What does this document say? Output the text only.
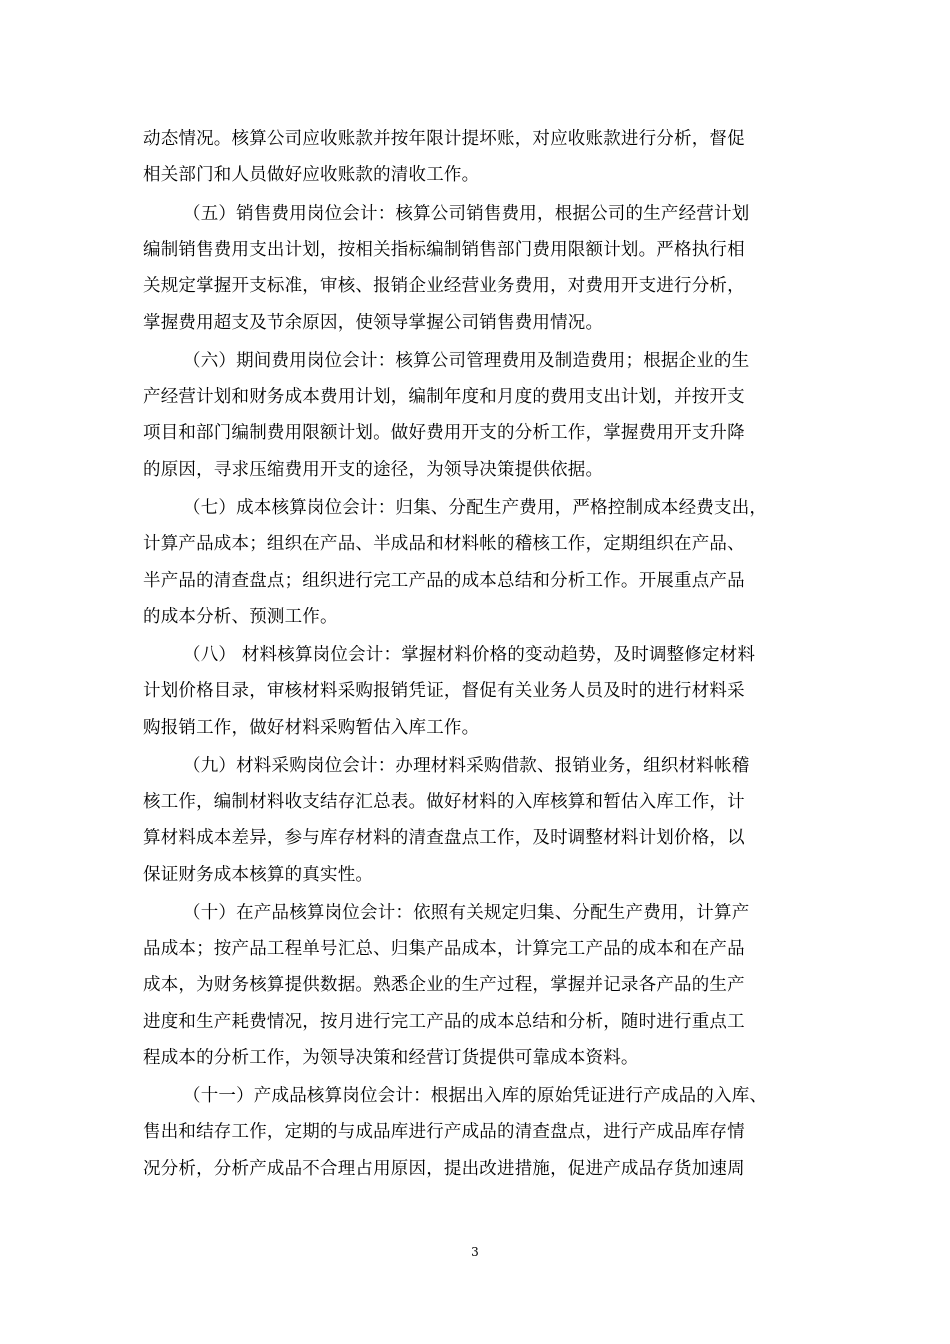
动态情况。核算公司应收账款并按年限计提坏账，对应收账款进行分析，督促
相关部门和人员做好应收账款的清收工作。
（五）销售费用岗位会计：核算公司销售费用，根据公司的生产经营计划
编制销售费用支出计划，按相关指标编制销售部门费用限额计划。严格执行相
关规定掌握开支标准，审核、报销企业经营业务费用，对费用开支进行分析，
掌握费用超支及节余原因，使领导掌握公司销售费用情况。
（六）期间费用岗位会计：核算公司管理费用及制造费用；根据企业的生
产经营计划和财务成本费用计划，编制年度和月度的费用支出计划，并按开支
项目和部门编制费用限额计划。做好费用开支的分析工作，掌握费用开支升降
的原因，寻求压缩费用开支的途径，为领导决策提供依据。
（七）成本核算岗位会计：归集、分配生产费用，严格控制成本经费支出，
计算产品成本；组织在产品、半成品和材料帐的稽核工作，定期组织在产品、
半产品的清查盘点；组织进行完工产品的成本总结和分析工作。开展重点产品
的成本分析、预测工作。
（八） 材料核算岗位会计：掌握材料价格的变动趋势，及时调整修定材料
计划价格目录，审核材料采购报销凭证，督促有关业务人员及时的进行材料采
购报销工作，做好材料采购暂估入库工作。
（九）材料采购岗位会计：办理材料采购借款、报销业务，组织材料帐稽
核工作，编制材料收支结存汇总表。做好材料的入库核算和暂估入库工作，计
算材料成本差异，参与库存材料的清查盘点工作，及时调整材料计划价格，以
保证财务成本核算的真实性。
（十）在产品核算岗位会计：依照有关规定归集、分配生产费用，计算产
品成本；按产品工程单号汇总、归集产品成本，计算完工产品的成本和在产品
成本，为财务核算提供数据。熟悉企业的生产过程，掌握并记录各产品的生产
进度和生产耗费情况，按月进行完工产品的成本总结和分析，随时进行重点工
程成本的分析工作，为领导决策和经营订货提供可靠成本资料。
（十一）产成品核算岗位会计：根据出入库的原始凭证进行产成品的入库、
售出和结存工作，定期的与成品库进行产成品的清查盘点，进行产成品库存情
况分析，分析产成品不合理占用原因，提出改进措施，促进产成品存货加速周
3
